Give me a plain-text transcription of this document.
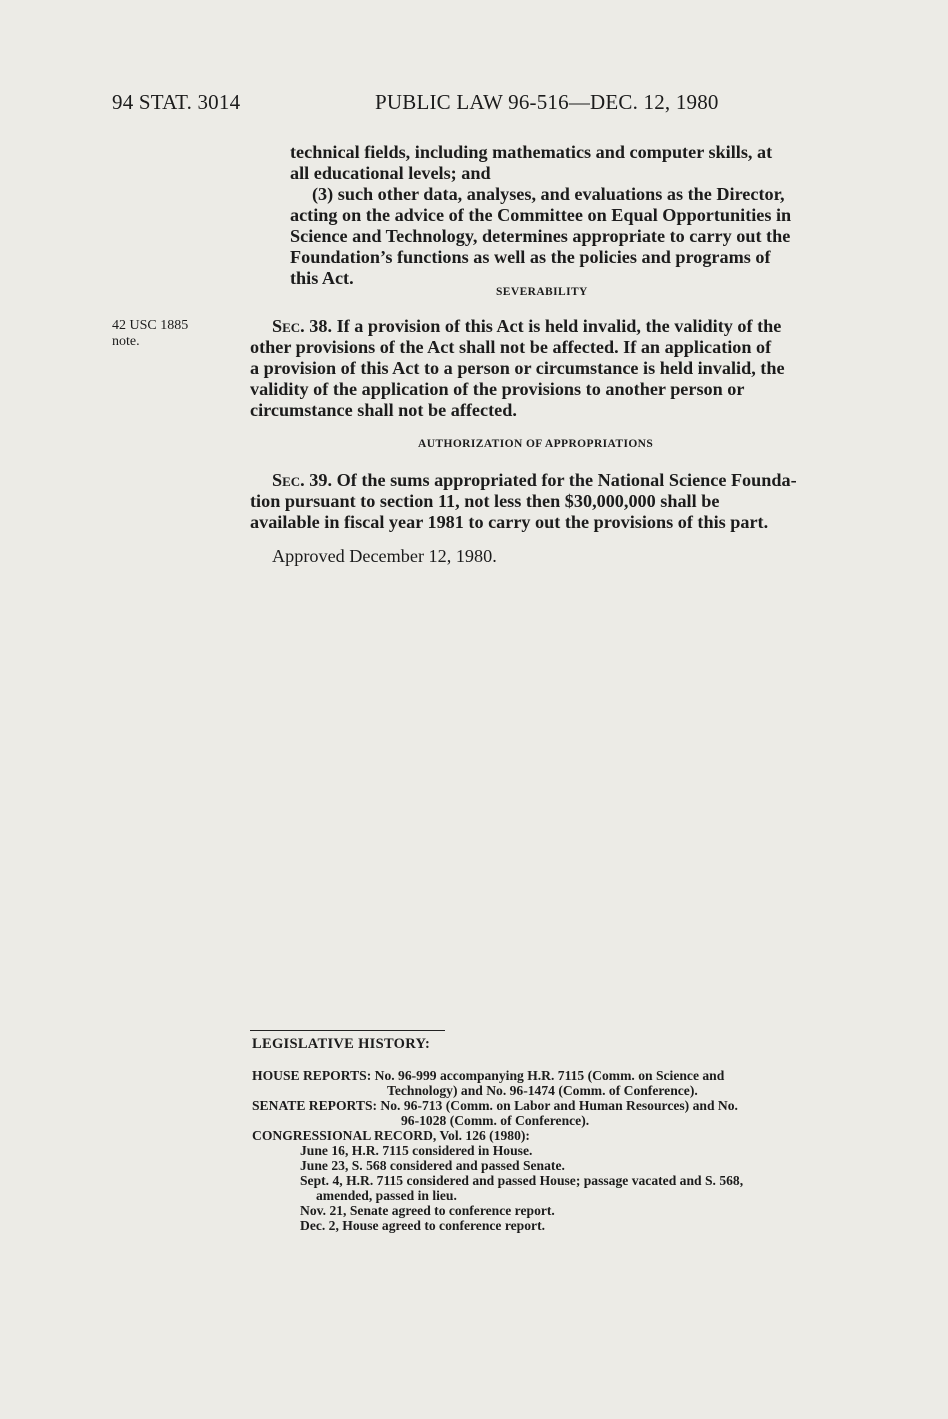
94 STAT. 3014	PUBLIC LAW 96-516—DEC. 12, 1980
technical fields, including mathematics and computer skills, at
all educational levels; and
(3) such other data, analyses, and evaluations as the Director,
acting on the advice of the Committee on Equal Opportunities in
Science and Technology, determines appropriate to carry out the
Foundation’s functions as well as the policies and programs of
this Act.
SEVERABILITY
42 USC 1885
note.
Sec. 38. If a provision of this Act is held invalid, the validity of the
other provisions of the Act shall not be affected. If an application of
a provision of this Act to a person or circumstance is held invalid, the
validity of the application of the provisions to another person or
circumstance shall not be affected.
AUTHORIZATION OF APPROPRIATIONS
Sec. 39. Of the sums appropriated for the National Science Founda-
tion pursuant to section 11, not less then $30,000,000 shall be
available in fiscal year 1981 to carry out the provisions of this part.
Approved December 12, 1980.
LEGISLATIVE HISTORY:
HOUSE REPORTS: No. 96-999 accompanying H.R. 7115 (Comm. on Science and
Technology) and No. 96-1474 (Comm. of Conference).
SENATE REPORTS: No. 96-713 (Comm. on Labor and Human Resources) and No.
96-1028 (Comm. of Conference).
CONGRESSIONAL RECORD, Vol. 126 (1980):
June 16, H.R. 7115 considered in House.
June 23, S. 568 considered and passed Senate.
Sept. 4, H.R. 7115 considered and passed House; passage vacated and S. 568,
amended, passed in lieu.
Nov. 21, Senate agreed to conference report.
Dec. 2, House agreed to conference report.
